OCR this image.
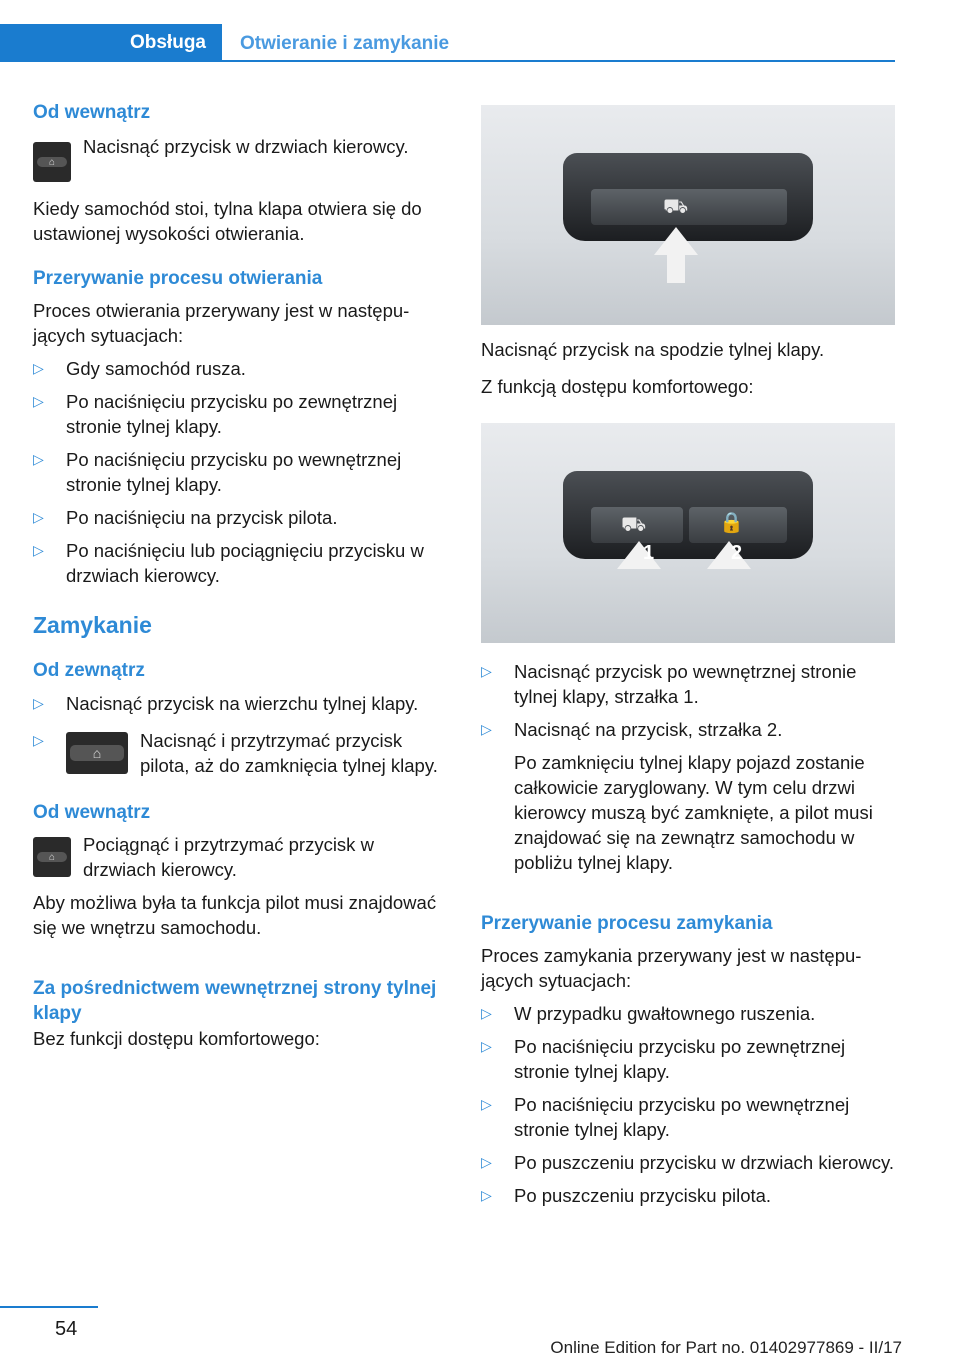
Obsługa Otwieranie i zamykanie
Od wewnątrz
⌂

Nacisnąć przycisk w drzwiach kierowcy.

Kiedy samochód stoi, tylna klapa otwiera się do ustawionej wysokości otwierania.

Przerywanie procesu otwierania

Proces otwierania przerywany jest w następujących sytuacjach:

▷ Gdy samochód rusza.
▷ Po naciśnięciu przycisku po zewnętrznej stronie tylnej klapy.
▷ Po naciśnięciu przycisku po wewnętrznej stronie tylnej klapy.
▷ Po naciśnięciu na przycisk pilota.
▷ Po naciśnięciu lub pociągnięciu przycisku w drzwiach kierowcy.
Zamykanie
Od zewnątrz
▷ Nacisnąć przycisk na wierzchu tylnej klapy.
▷
⌂
Nacisnąć i przytrzymać przycisk pilota, aż do zamknięcia tylnej klapy.
Od wewnątrz
⌂

Pociągnąć i przytrzymać przycisk w drzwiach kierowcy.

Aby możliwa była ta funkcja pilot musi znajdować się we wnętrzu samochodu.

Za pośrednictwem wewnętrznej strony tylnej klapy

Bez funkcji dostępu komfortowego:

⛟

Nacisnąć przycisk na spodzie tylnej klapy.

Z funkcją dostępu komfortowego:

⛟	🔒
1	2
▷ Nacisnąć przycisk po wewnętrznej stronie tylnej klapy, strzałka 1.
▷ Nacisnąć na przycisk, strzałka 2.

Po zamknięciu tylnej klapy pojazd zostanie całkowicie zaryglowany. W tym celu drzwi kierowcy muszą być zamknięte, a pilot musi znajdować się na zewnątrz samochodu w pobliżu tylnej klapy.

Przerywanie procesu zamykania

Proces zamykania przerywany jest w następujących sytuacjach:

▷ W przypadku gwałtownego ruszenia.
▷ Po naciśnięciu przycisku po zewnętrznej stronie tylnej klapy.
▷ Po naciśnięciu przycisku po wewnętrznej stronie tylnej klapy.
▷ Po puszczeniu przycisku w drzwiach kierowcy.
▷ Po puszczeniu przycisku pilota.
54
Online Edition for Part no. 01402977869 - II/17
